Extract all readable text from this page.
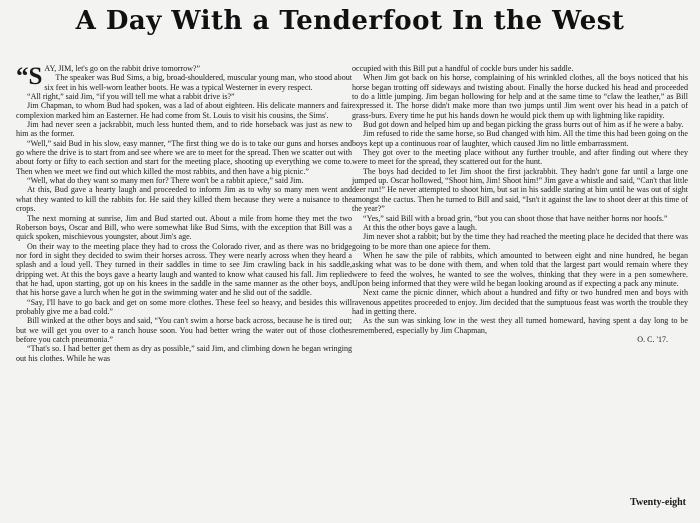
A Day With a Tenderfoot In the West

“SAY, JIM, let's go on the rabbit drive tomorrow?”

The speaker was Bud Sims, a big, broad-shouldered, muscular young man, who stood about six feet in his well-worn leather boots. He was a typical Westerner in every respect.

“All right,” said Jim, “if you will tell me what a rabbit drive is?”

Jim Chapman, to whom Bud had spoken, was a lad of about eighteen. His delicate manners and fair complexion marked him an Easterner. He had come from St. Louis to visit his cousins, the Sims'.

Jim had never seen a jackrabbit, much less hunted them, and to ride horseback was just as new to him as the former.

“Well,” said Bud in his slow, easy manner, “The first thing we do is to take our guns and horses and go where the drive is to start from and see where we are to meet for the spread. Then we scatter out with about forty or fifty to each section and start for the meeting place, shooting up everything we come to. Then when we meet we find out which killed the most rabbits, and then have a big picnic.”

“Well, what do they want so many men for? There won't be a rabbit apiece,” said Jim.

At this, Bud gave a hearty laugh and proceeded to inform Jim as to why so many men went and what they wanted to kill the rabbits for. He said they killed them because they were a nuisance to the crops.

The next morning at sunrise, Jim and Bud started out. About a mile from home they met the two Roberson boys, Oscar and Bill, who were somewhat like Bud Sims, with the exception that Bill was a quick spoken, mischievous youngster, about Jim's age.

On their way to the meeting place they had to cross the Colorado river, and as there was no bridge nor ford in sight they decided to swim their horses across. They were nearly across when they heard a splash and a loud yell. They turned in their saddles in time to see Jim crawling back in his saddle, dripping wet. At this the boys gave a hearty laugh and wanted to know what caused his fall. Jim replied that he had, upon starting, got up on his knees in the saddle in the same manner as the other boys, and that his horse gave a lurch when he got in the swimming water and he slid out of the saddle.

“Say, I'll have to go back and get on some more clothes. These feel so heavy, and besides this will probably give me a bad cold.”

Bill winked at the other boys and said, “You can't swim a horse back across, because he is tired out; but we will get you over to a ranch house soon. You had better wring the water out of those clothes before you catch pneumonia.”

“That's so. I had better get them as dry as possible,” said Jim, and climbing down he began wringing out his clothes. While he was

occupied with this Bill put a handful of cockle burs under his saddle.

When Jim got back on his horse, complaining of his wrinkled clothes, all the boys noticed that his horse began trotting off sideways and twisting about. Finally the horse ducked his head and proceeded to do a little jumping. Jim began hollowing for help and at the same time to “claw the leather,” as Bill expressed it. The horse didn't make more than two jumps until Jim went over his head in a patch of grass-burs. Every time he put his hands down he would pick them up with lightning like rapidity.

Bud got down and helped him up and began picking the grass burrs out of him as if he were a baby.

Jim refused to ride the same horse, so Bud changed with him. All the time this had been going on the boys kept up a continuous roar of laughter, which caused Jim no little embarrassment.

They got over to the meeting place without any further trouble, and after finding out where they were to meet for the spread, they scattered out for the hunt.

The boys had decided to let Jim shoot the first jackrabbit. They hadn't gone far until a large one jumped up. Oscar hollowed, “Shoot him, Jim! Shoot him!” Jim gave a whistle and said, “Can't that little deer run!” He never attempted to shoot him, but sat in his saddle staring at him until he was out of sight amongst the cactus. Then he turned to Bill and said, “Isn't it against the law to shoot deer at this time of the year?”

“Yes,” said Bill with a broad grin, “but you can shoot those that have neither horns nor hoofs.”

At this the other boys gave a laugh.

Jim never shot a rabbit; but by the time they had reached the meeting place he decided that there was going to be more than one apiece for them.

When he saw the pile of rabbits, which amounted to between eight and nine hundred, he began asking what was to be done with them, and when told that the largest part would remain where they were to feed the wolves, he wanted to see the wolves, thinking that they were in a pen somewhere. Upon being informed that they were wild he began looking around as if expecting a pack any minute.

Next came the picnic dinner, which about a hundred and fifty or two hundred men and boys with ravenous appetites proceeded to enjoy. Jim decided that the sumptuous feast was worth the trouble they had in getting there.

As the sun was sinking low in the west they all turned homeward, having spent a day long to be remembered, especially by Jim Chapman,

O. C. '17.

Twenty-eight
